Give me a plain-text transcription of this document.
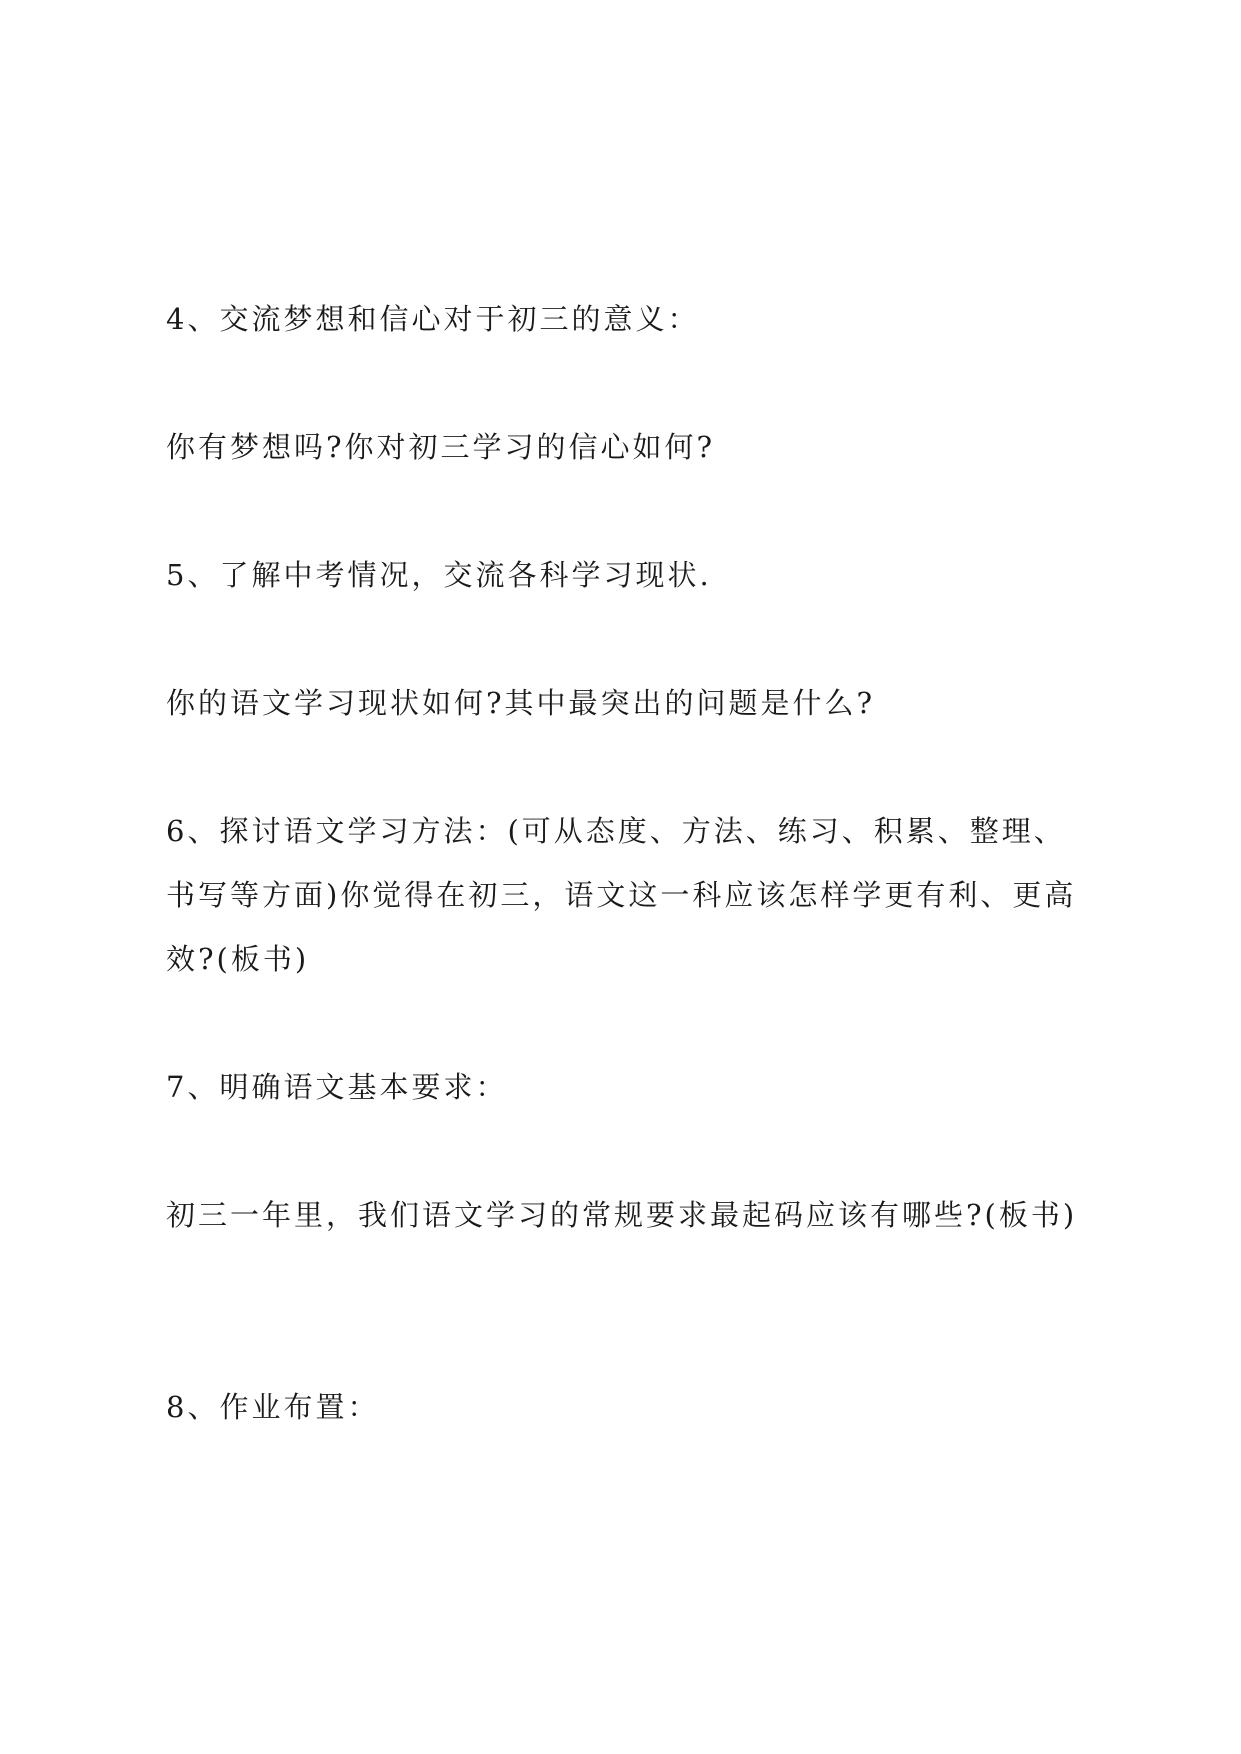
4、交流梦想和信心对于初三的意义：

你有梦想吗?你对初三学习的信心如何?

5、了解中考情况，交流各科学习现状.

你的语文学习现状如何?其中最突出的问题是什么?

6、探讨语文学习方法：(可从态度、方法、练习、积累、整理、书写等方面)你觉得在初三，语文这一科应该怎样学更有利、更高效?(板书)

7、明确语文基本要求：

初三一年里，我们语文学习的常规要求最起码应该有哪些?(板书)

8、作业布置：
